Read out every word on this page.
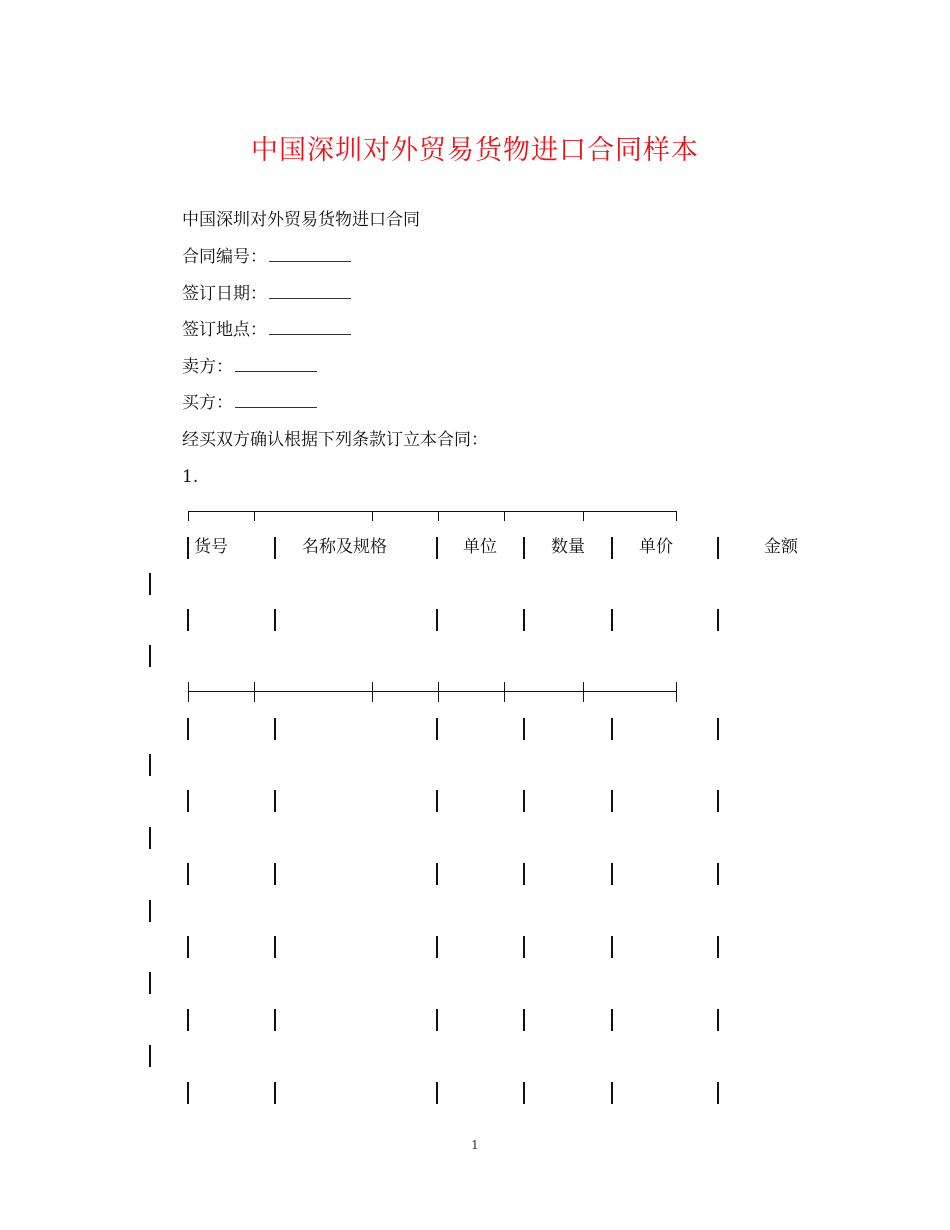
中国深圳对外贸易货物进口合同样本
中国深圳对外贸易货物进口合同
合同编号：
签订日期：
签订地点：
卖方：
买方：
经买双方确认根据下列条款订立本合同：
1.
货号	名称及规格	单位	数量	单价	金额
1
